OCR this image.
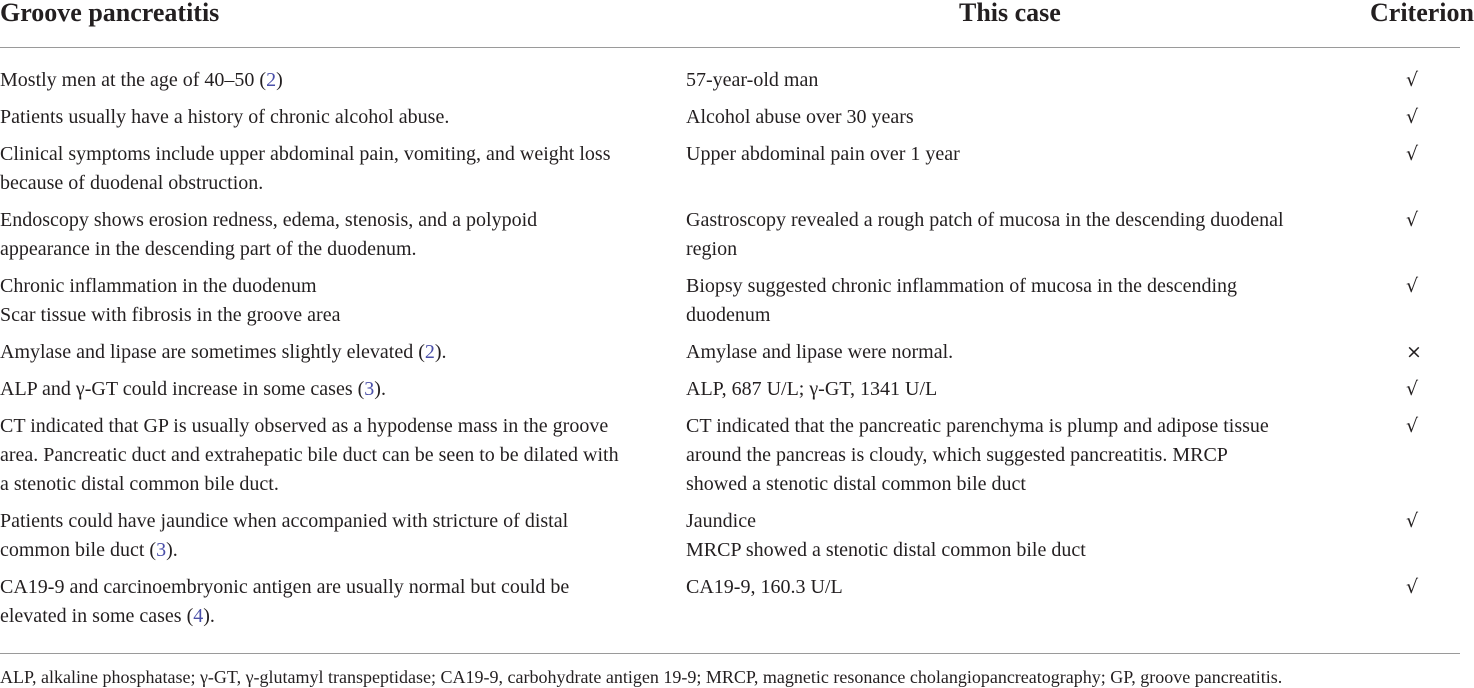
Groove pancreatitis	This case	Criterion

Mostly men at the age of 40–50 (2)	57-year-old man	√

Patients usually have a history of chronic alcohol abuse.	Alcohol abuse over 30 years	√

Clinical symptoms include upper abdominal pain, vomiting, and weight loss
because of duodenal obstruction.	Upper abdominal pain over 1 year	√

Endoscopy shows erosion redness, edema, stenosis, and a polypoid
appearance in the descending part of the duodenum.	Gastroscopy revealed a rough patch of mucosa in the descending duodenal
region	√

Chronic inflammation in the duodenum
Scar tissue with fibrosis in the groove area	Biopsy suggested chronic inflammation of mucosa in the descending
duodenum	√

Amylase and lipase are sometimes slightly elevated (2).	Amylase and lipase were normal.	×

ALP and γ-GT could increase in some cases (3).	ALP, 687 U/L; γ-GT, 1341 U/L	√

CT indicated that GP is usually observed as a hypodense mass in the groove
area. Pancreatic duct and extrahepatic bile duct can be seen to be dilated with
a stenotic distal common bile duct.	CT indicated that the pancreatic parenchyma is plump and adipose tissue
around the pancreas is cloudy, which suggested pancreatitis. MRCP
showed a stenotic distal common bile duct	√

Patients could have jaundice when accompanied with stricture of distal
common bile duct (3).	Jaundice
MRCP showed a stenotic distal common bile duct	√

CA19-9 and carcinoembryonic antigen are usually normal but could be
elevated in some cases (4).	CA19-9, 160.3 U/L	√
ALP, alkaline phosphatase; γ-GT, γ-glutamyl transpeptidase; CA19-9, carbohydrate antigen 19-9; MRCP, magnetic resonance cholangiopancreatography; GP, groove pancreatitis.
